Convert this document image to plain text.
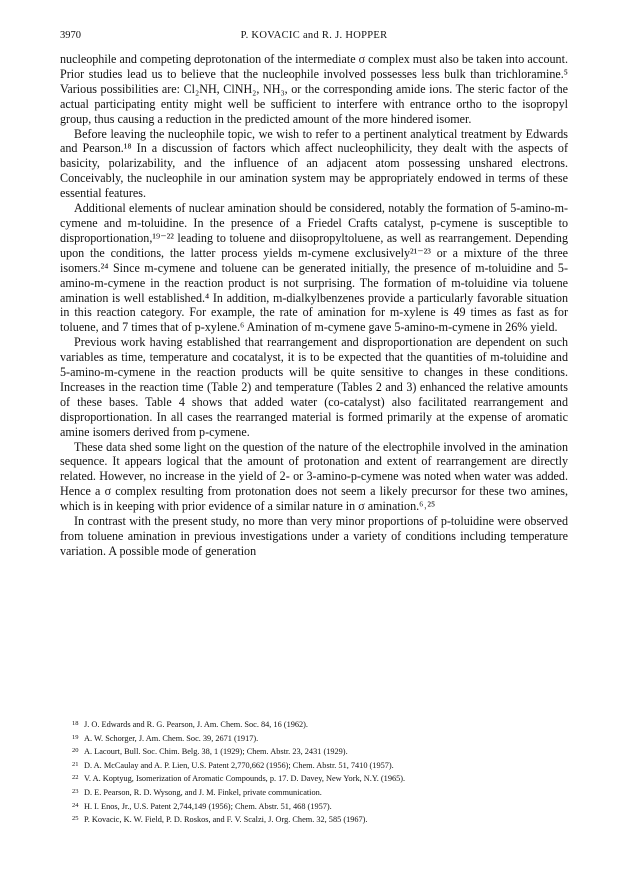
3970	P. KOVACIC and R. J. HOPPER

nucleophile and competing deprotonation of the intermediate σ complex must also be taken into account. Prior studies lead us to believe that the nucleophile involved possesses less bulk than trichloramine.⁵ Various possibilities are: Cl₂NH, ClNH₂, NH₃, or the corresponding amide ions. The steric factor of the actual participating entity might well be sufficient to interfere with entrance ortho to the isopropyl group, thus causing a reduction in the predicted amount of the more hindered isomer.

Before leaving the nucleophile topic, we wish to refer to a pertinent analytical treatment by Edwards and Pearson.¹⁸ In a discussion of factors which affect nucleophilicity, they dealt with the aspects of basicity, polarizability, and the influence of an adjacent atom possessing unshared electrons. Conceivably, the nucleophile in our amination system may be appropriately endowed in terms of these essential features.

Additional elements of nuclear amination should be considered, notably the formation of 5-amino-m-cymene and m-toluidine. In the presence of a Friedel Crafts catalyst, p-cymene is susceptible to disproportionation,¹⁹⁻²² leading to toluene and diisopropyltoluene, as well as rearrangement. Depending upon the conditions, the latter process yields m-cymene exclusively²¹⁻²³ or a mixture of the three isomers.²⁴ Since m-cymene and toluene can be generated initially, the presence of m-toluidine and 5-amino-m-cymene in the reaction product is not surprising. The formation of m-toluidine via toluene amination is well established.⁴ In addition, m-dialkylbenzenes provide a particularly favorable situation in this reaction category. For example, the rate of amination for m-xylene is 49 times as fast as for toluene, and 7 times that of p-xylene.⁶ Amination of m-cymene gave 5-amino-m-cymene in 26% yield.

Previous work having established that rearrangement and disproportionation are dependent on such variables as time, temperature and cocatalyst, it is to be expected that the quantities of m-toluidine and 5-amino-m-cymene in the reaction products will be quite sensitive to changes in these conditions. Increases in the reaction time (Table 2) and temperature (Tables 2 and 3) enhanced the relative amounts of these bases. Table 4 shows that added water (co-catalyst) also facilitated rearrangement and disproportionation. In all cases the rearranged material is formed primarily at the expense of aromatic amine isomers derived from p-cymene.

These data shed some light on the question of the nature of the electrophile involved in the amination sequence. It appears logical that the amount of protonation and extent of rearrangement are directly related. However, no increase in the yield of 2- or 3-amino-p-cymene was noted when water was added. Hence a σ complex resulting from protonation does not seem a likely precursor for these two amines, which is in keeping with prior evidence of a similar nature in σ amination.⁶˒²⁵

In contrast with the present study, no more than very minor proportions of p-toluidine were observed from toluene amination in previous investigations under a variety of conditions including temperature variation. A possible mode of generation

18 J. O. Edwards and R. G. Pearson, J. Am. Chem. Soc. 84, 16 (1962).
19 A. W. Schorger, J. Am. Chem. Soc. 39, 2671 (1917).
20 A. Lacourt, Bull. Soc. Chim. Belg. 38, 1 (1929); Chem. Abstr. 23, 2431 (1929).
21 D. A. McCaulay and A. P. Lien, U.S. Patent 2,770,662 (1956); Chem. Abstr. 51, 7410 (1957).
22 V. A. Koptyug, Isomerization of Aromatic Compounds, p. 17. D. Davey, New York, N.Y. (1965).
23 D. E. Pearson, R. D. Wysong, and J. M. Finkel, private communication.
24 H. I. Enos, Jr., U.S. Patent 2,744,149 (1956); Chem. Abstr. 51, 468 (1957).
25 P. Kovacic, K. W. Field, P. D. Roskos, and F. V. Scalzi, J. Org. Chem. 32, 585 (1967).
